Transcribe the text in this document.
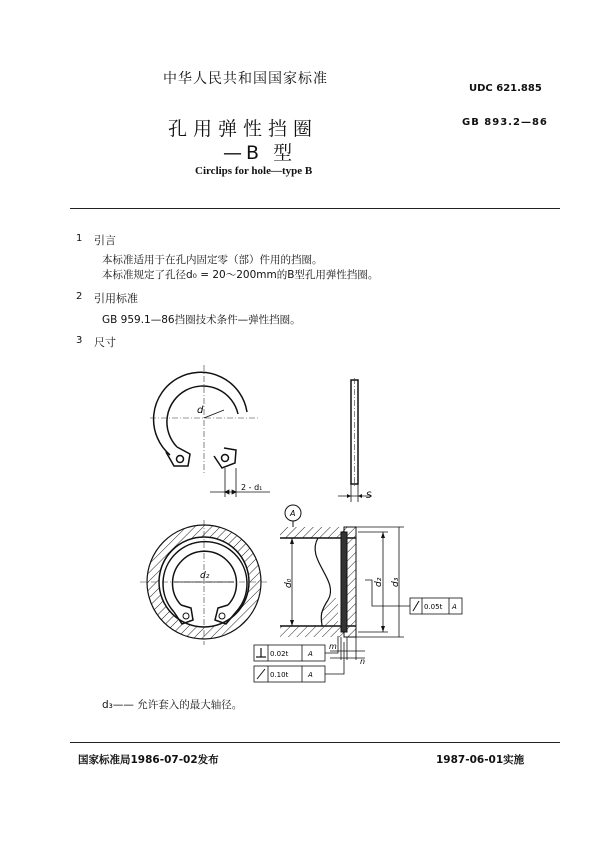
中华人民共和国国家标准
UDC 621.885
孔用弹性挡圈	GB 893.2—86
—B 型
Circlips for hole—type B
1 引言
本标准适用于在孔内固定零（部）件用的挡圈。
本标准规定了孔径d₀ = 20～200mm的B型孔用弹性挡圈。
2 引用标准
GB 959.1—86挡圈技术条件—弹性挡圈。
3 尺寸
d
2 - d₁
S
d₂
A
d₀	d₂ d₃
m
n
0.05t A
0.02t	A
0.10t	A
d₃—— 允许套入的最大轴径。
国家标准局1986-07-02发布	1987-06-01实施
